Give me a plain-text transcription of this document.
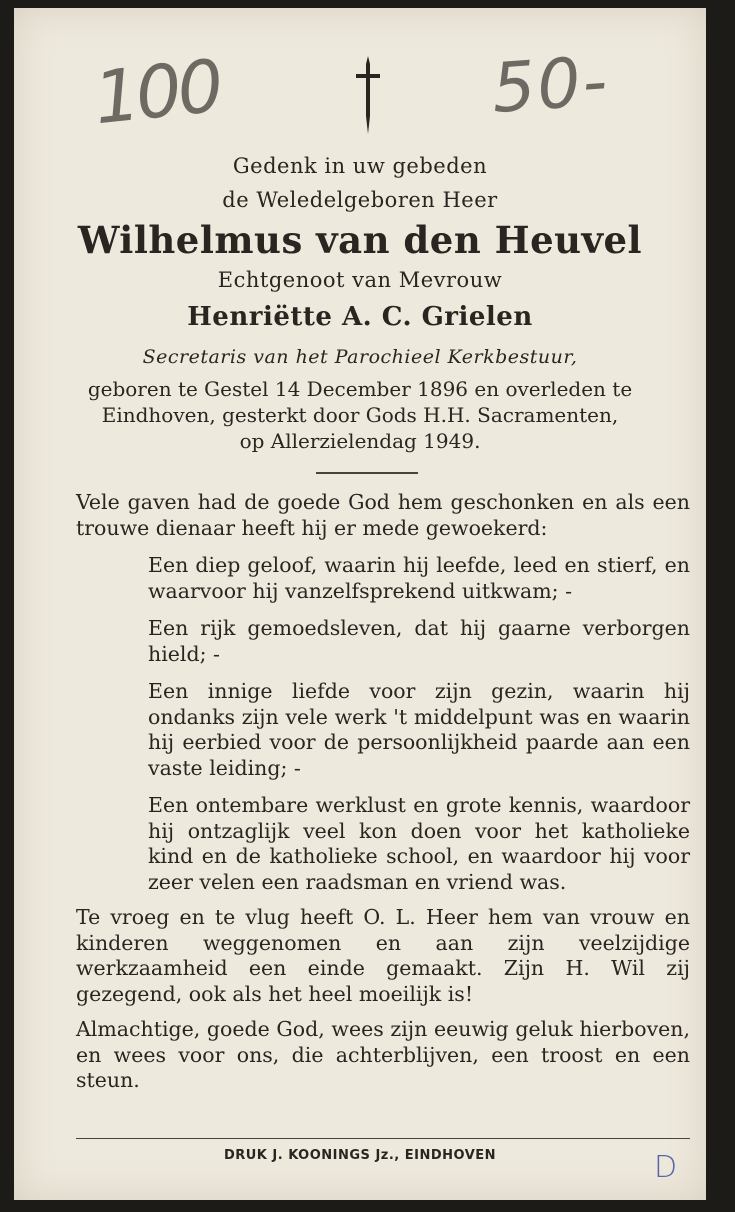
100	50-
Gedenk in uw gebeden
de Weledelgeboren Heer
Wilhelmus van den Heuvel
Echtgenoot van Mevrouw
Henriëtte A. C. Grielen
Secretaris van het Parochieel Kerkbestuur,
geboren te Gestel 14 December 1896 en overleden te
Eindhoven, gesterkt door Gods H.H. Sacramenten,
op Allerzielendag 1949.

Vele gaven had de goede God hem geschonken en als een trouwe dienaar heeft hij er mede gewoekerd:

Een diep geloof, waarin hij leefde, leed en stierf, en waarvoor hij vanzelfsprekend uitkwam; -

Een rijk gemoedsleven, dat hij gaarne verborgen hield; -

Een innige liefde voor zijn gezin, waarin hij ondanks zijn vele werk 't middelpunt was en waarin hij eerbied voor de persoonlijkheid paarde aan een vaste leiding; -

Een ontembare werklust en grote kennis, waardoor hij ontzaglijk veel kon doen voor het katholieke kind en de katholieke school, en waardoor hij voor zeer velen een raadsman en vriend was.

Te vroeg en te vlug heeft O. L. Heer hem van vrouw en kinderen weggenomen en aan zijn veelzijdige werkzaamheid een einde gemaakt. Zijn H. Wil zij gezegend, ook als het heel moeilijk is!

Almachtige, goede God, wees zijn eeuwig geluk hierboven, en wees voor ons, die achterblijven, een troost en een steun.

DRUK J. KOONINGS Jz., EINDHOVEN	D
